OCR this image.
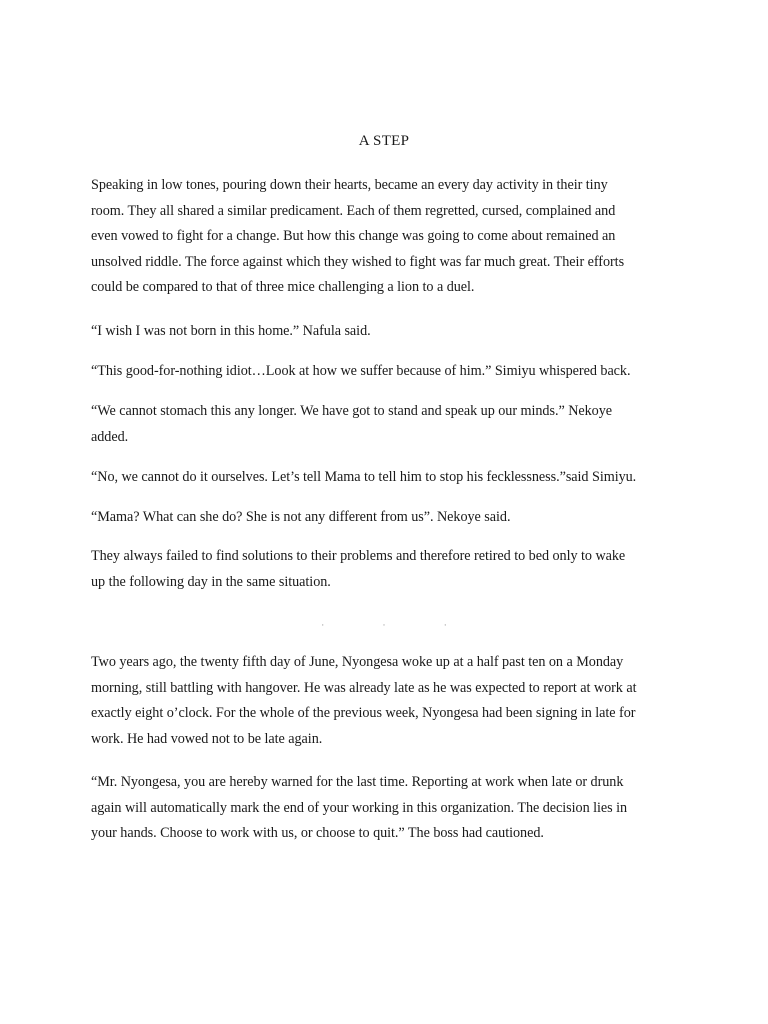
A STEP

Speaking in low tones, pouring down their hearts, became an every day activity in their tiny
room. They all shared a similar predicament. Each of them regretted, cursed, complained and
even vowed to fight for a change. But how this change was going to come about remained an
unsolved riddle. The force against which they wished to fight was far much great. Their efforts
could be compared to that of three mice challenging a lion to a duel.

“I wish I was not born in this home.” Nafula said.

“This good-for-nothing idiot…Look at how we suffer because of him.” Simiyu whispered back.

“We cannot stomach this any longer. We have got to stand and speak up our minds.” Nekoye
added.

“No, we cannot do it ourselves. Let’s tell Mama to tell him to stop his fecklessness.”said Simiyu.

“Mama? What can she do? She is not any different from us”. Nekoye said.

They always failed to find solutions to their problems and therefore retired to bed only to wake
up the following day in the same situation.

· · ·

Two years ago, the twenty fifth day of June, Nyongesa woke up at a half past ten on a Monday
morning, still battling with hangover. He was already late as he was expected to report at work at
exactly eight o’clock. For the whole of the previous week, Nyongesa had been signing in late for
work. He had vowed not to be late again.

“Mr. Nyongesa, you are hereby warned for the last time. Reporting at work when late or drunk
again will automatically mark the end of your working in this organization. The decision lies in
your hands. Choose to work with us, or choose to quit.” The boss had cautioned.
